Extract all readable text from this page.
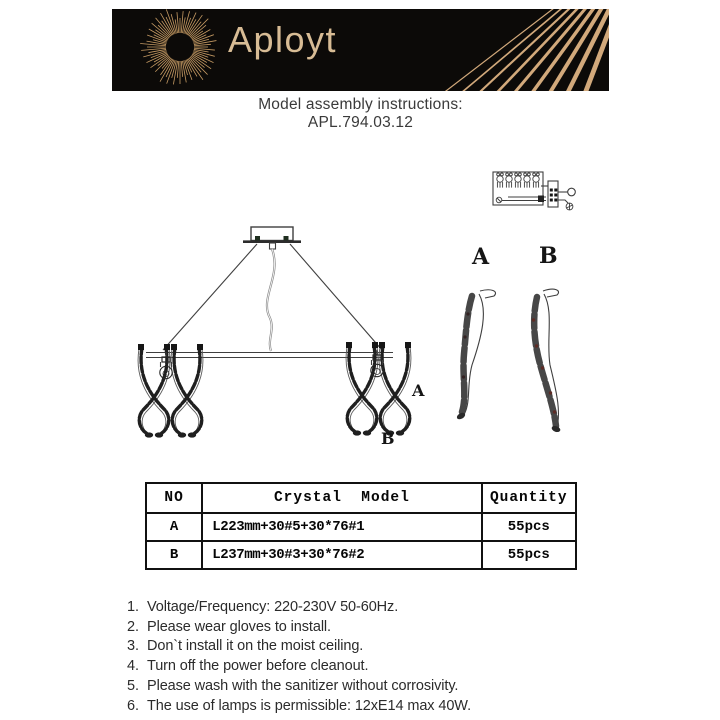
Aployt
Model assembly instructions:
APL.794.03.12
A
B
A B
NO	Crystal  Model	Quantity
A	L223mm+30#5+30*76#1	55pcs
B	L237mm+30#3+30*76#2	55pcs
1. Voltage/Frequency: 220-230V 50-60Hz.
2. Please wear gloves to install.
3. Don`t install it on the moist ceiling.
4. Turn off the power before cleanout.
5. Please wash with the sanitizer without corrosivity.
6. The use of lamps is permissible: 12xE14 max 40W.
